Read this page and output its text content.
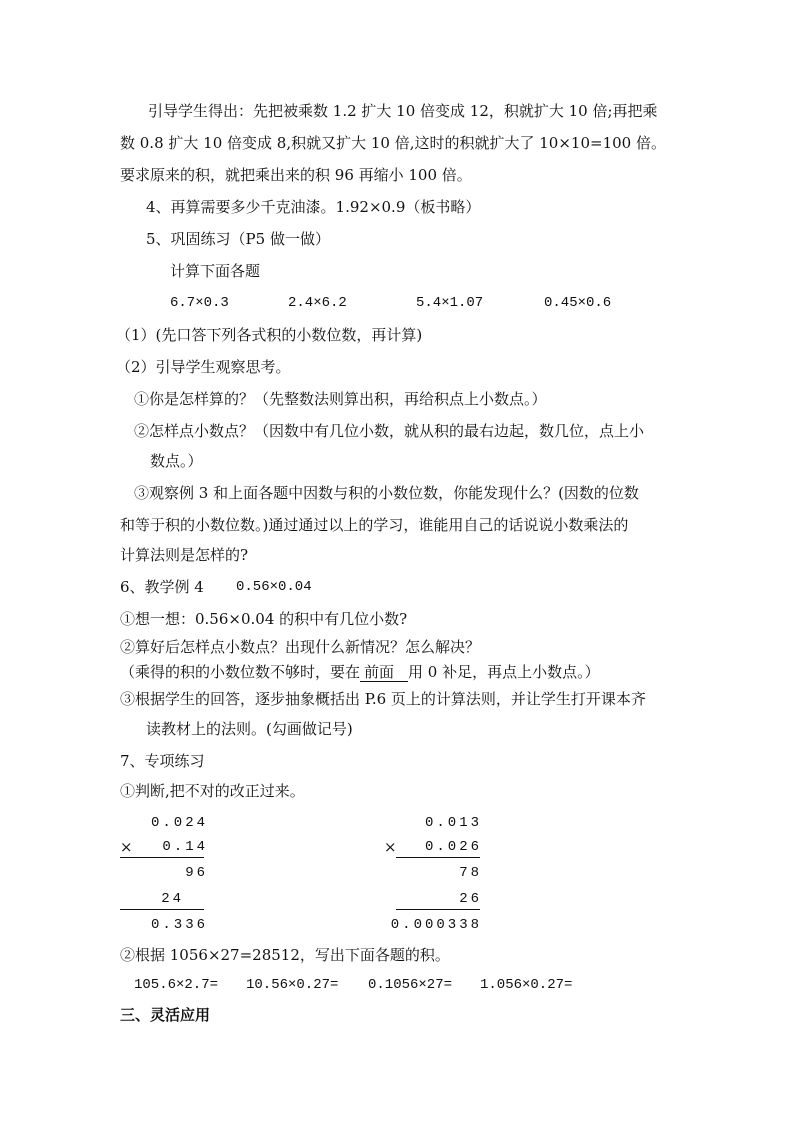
引导学生得出：先把被乘数 1.2 扩大 10 倍变成 12，积就扩大 10 倍;再把乘
数 0.8 扩大 10 倍变成 8,积就又扩大 10 倍,这时的积就扩大了 10×10=100 倍。
要求原来的积，就把乘出来的积 96 再缩小 100 倍。
4、再算需要多少千克油漆。1.92×0.9（板书略）
5、巩固练习（P5 做一做）
计算下面各题
6.7×0.3	2.4×6.2	5.4×1.07	0.45×0.6
（1）(先口答下列各式积的小数位数，再计算)
（2）引导学生观察思考。
①你是怎样算的？（先整数法则算出积，再给积点上小数点。）
②怎样点小数点？（因数中有几位小数，就从积的最右边起，数几位，点上小
数点。）
③观察例 3 和上面各题中因数与积的小数位数，你能发现什么？(因数的位数
和等于积的小数位数。)通过通过以上的学习，谁能用自己的话说说小数乘法的
计算法则是怎样的?
6、教学例 4 0.56×0.04
①想一想：0.56×0.04 的积中有几位小数?
②算好后怎样点小数点？出现什么新情况？怎么解决？
（乘得的积的小数位数不够时，要在 前面 用 0 补足，再点上小数点。）
③根据学生的回答，逐步抽象概括出 P.6 页上的计算法则，并让学生打开课本齐
读教材上的法则。(勾画做记号)
7、专项练习
①判断,把不对的改正过来。
0.024
×	0.14
96
24
0.336
0.013
×	0.026
78
26
0.000338
②根据 1056×27=28512，写出下面各题的积。
105.6×2.7= 10.56×0.27= 0.1056×27= 1.056×0.27=
三、灵活应用
